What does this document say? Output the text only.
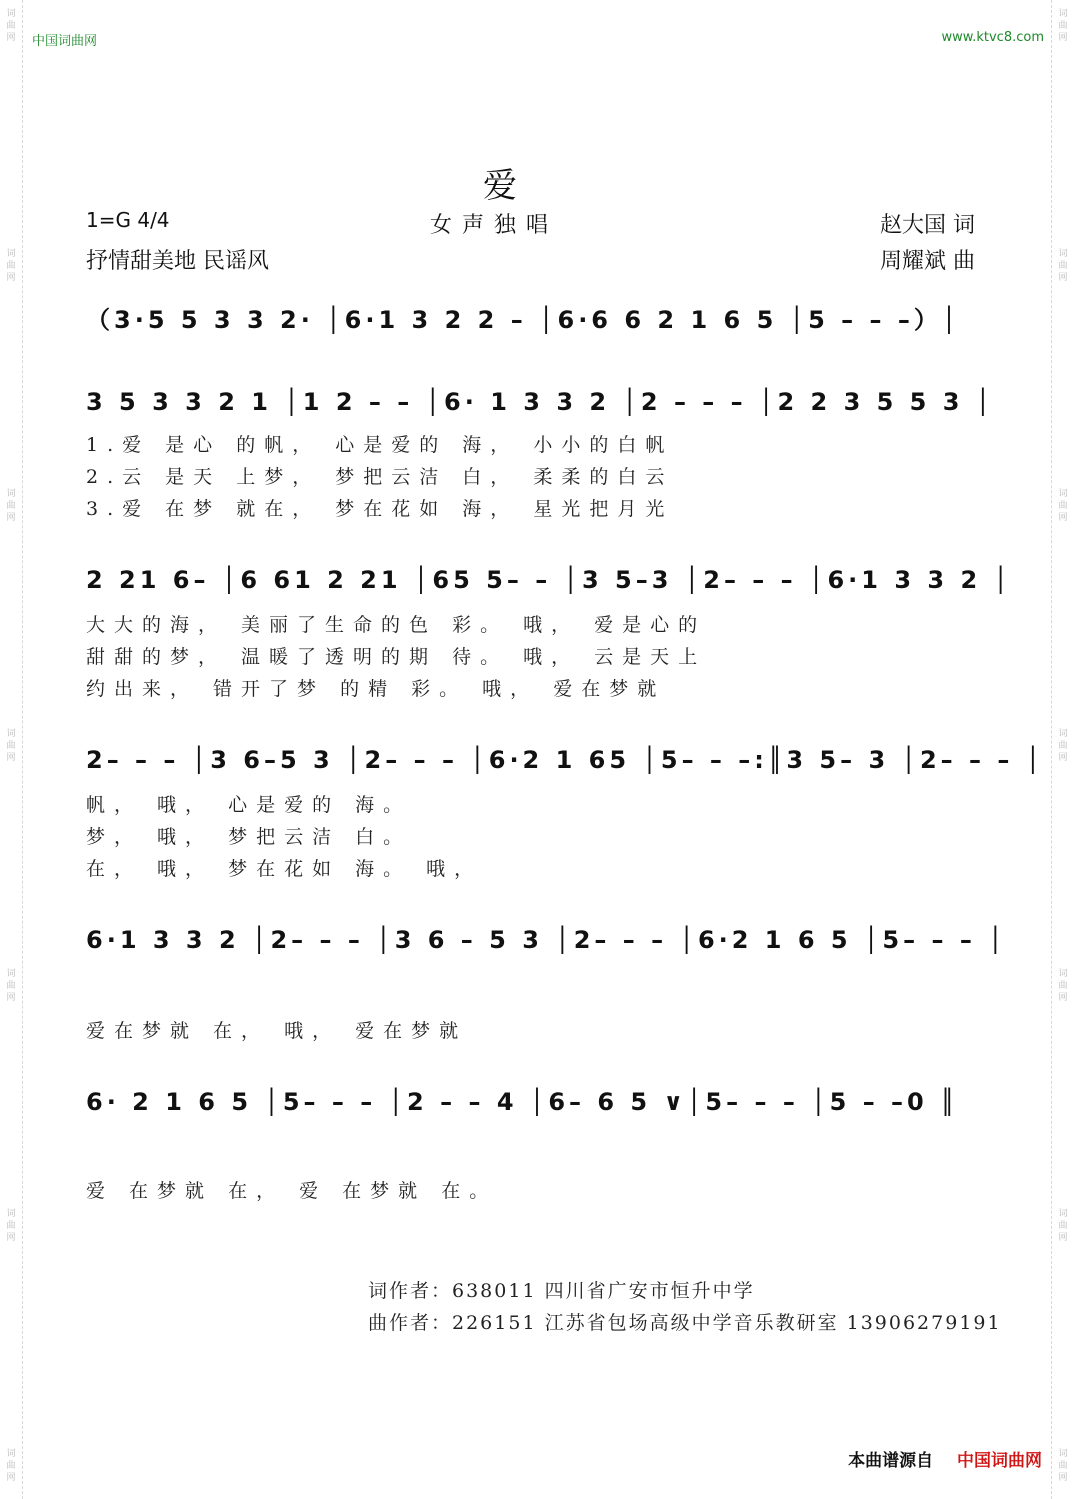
词曲网
词曲网
词曲网
词曲网
词曲网
词曲网
词曲网
词曲网
词曲网
词曲网
词曲网
词曲网
词曲网
词曲网
中国词曲网	www.ktvc8.com
爱
1=G 4/4
抒情甜美地 民谣风
女声独唱	赵大国 词
周耀斌 曲
（3·5 5 3 3 2· │6·1 3 2 2 – │6·6 6 2 1 6 5 │5 – – –）│
3 5 3 3 2 1 │1 2 – – │6· 1 3 3 2 │2 – – – │2 2 3 5 5 3 │
1.爱 是心 的帆， 心是爱的 海， 小小的白帆
2.云 是天 上梦， 梦把云洁 白， 柔柔的白云
3.爱 在梦 就在， 梦在花如 海， 星光把月光
2 21 6– │6 61 2 21 │65 5– – │3 5–3 │2– – – │6·1 3 3 2 │
大大的海， 美丽了生命的色 彩。 哦， 爱是心的
甜甜的梦， 温暖了透明的期 待。 哦， 云是天上
约出来， 错开了梦 的精 彩。 哦， 爱在梦就
2– – – │3 6–5 3 │2– – – │6·2 1 65 │5– – –:║3 5– 3 │2– – – │
帆， 哦， 心是爱的 海。
梦， 哦， 梦把云洁 白。
在， 哦， 梦在花如 海。 哦，
6·1 3 3 2 │2– – – │3 6 – 5 3 │2– – – │6·2 1 6 5 │5– – – │
爱在梦就 在， 哦， 爱在梦就
6· 2 1 6 5 │5– – – │2 – – 4 │6– 6 5 ∨│5– – – │5 – –0 ║
爱 在梦就 在， 爱 在梦就 在。
词作者：638011 四川省广安市恒升中学
曲作者：226151 江苏省包场高级中学音乐教研室 13906279191
本曲谱源自 中国词曲网
